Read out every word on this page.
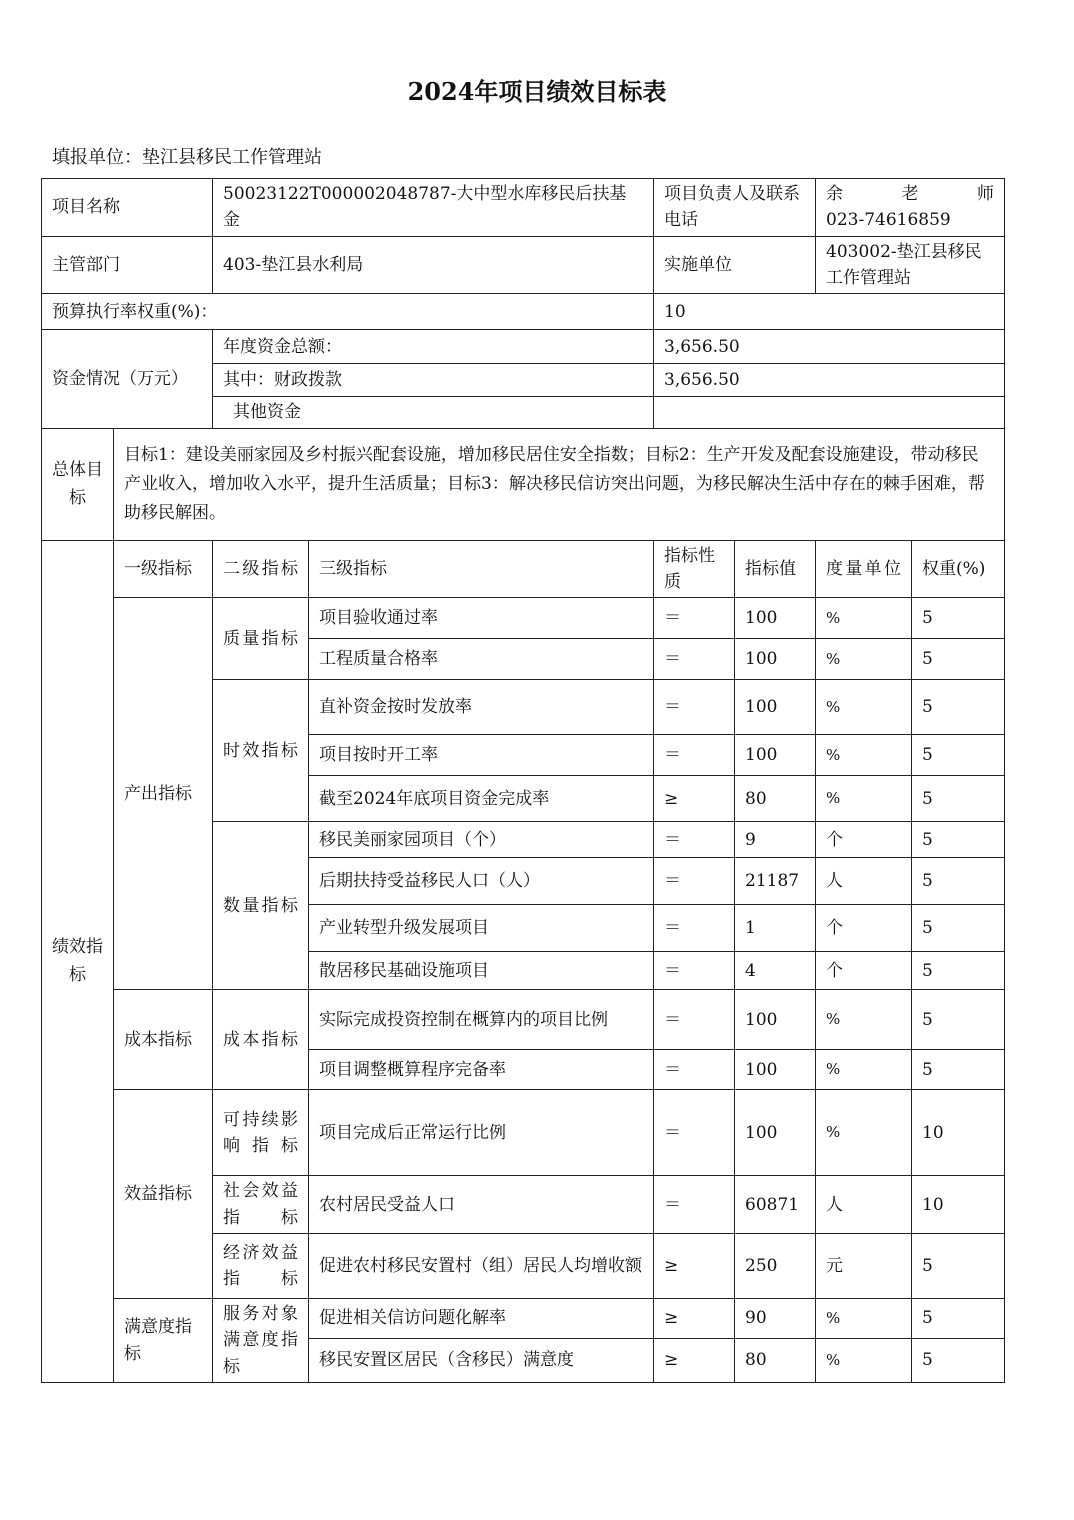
2024年项目绩效目标表
填报单位：垫江县移民工作管理站
项目名称		50023122T000002048787-大中型水库移民后扶基金		项目负责人及联系电话		余　　老　　师
023-74616859	

主管部门		403-垫江县水利局		实施单位		403002-垫江县移民工作管理站	
预算执行率权重(%)：				10			
资金情况（万元）		年度资金总额：		3,656.50			
		其中：财政拨款		3,656.50			
		其他资金					
总体目标	目标1：建设美丽家园及乡村振兴配套设施，增加移民居住安全指数；目标2：生产开发及配套设施建设，带动移民产业收入，增加收入水平，提升生活质量；目标3：解决移民信访突出问题，为移民解决生活中存在的棘手困难，帮助移民解困。						
绩效指标	一级指标	二级指标	三级指标	指标性质	指标值	度量单位	权重(%)
	产出指标	质量指标	项目验收通过率	＝	100	%	5
			工程质量合格率	＝	100	%	5
		时效指标	直补资金按时发放率	＝	100	%	5
			项目按时开工率	＝	100	%	5
			截至2024年底项目资金完成率	≥	80	%	5
		数量指标	移民美丽家园项目（个）	＝	9	个	5
			后期扶持受益移民人口（人）	＝	21187	人	5
			产业转型升级发展项目	＝	1	个	5
			散居移民基础设施项目	＝	4	个	5
	成本指标	成本指标	实际完成投资控制在概算内的项目比例	＝	100	%	5
			项目调整概算程序完备率	＝	100	%	5
	效益指标	可持续影响指标	项目完成后正常运行比例	＝	100	%	10
		社会效益指标	农村居民受益人口	＝	60871	人	10
		经济效益指标	促进农村移民安置村（组）居民人均增收额	≥	250	元	5
	满意度指标	服务对象满意度指标	促进相关信访问题化解率	≥	90	%	5
			移民安置区居民（含移民）满意度	≥	80	%	5
